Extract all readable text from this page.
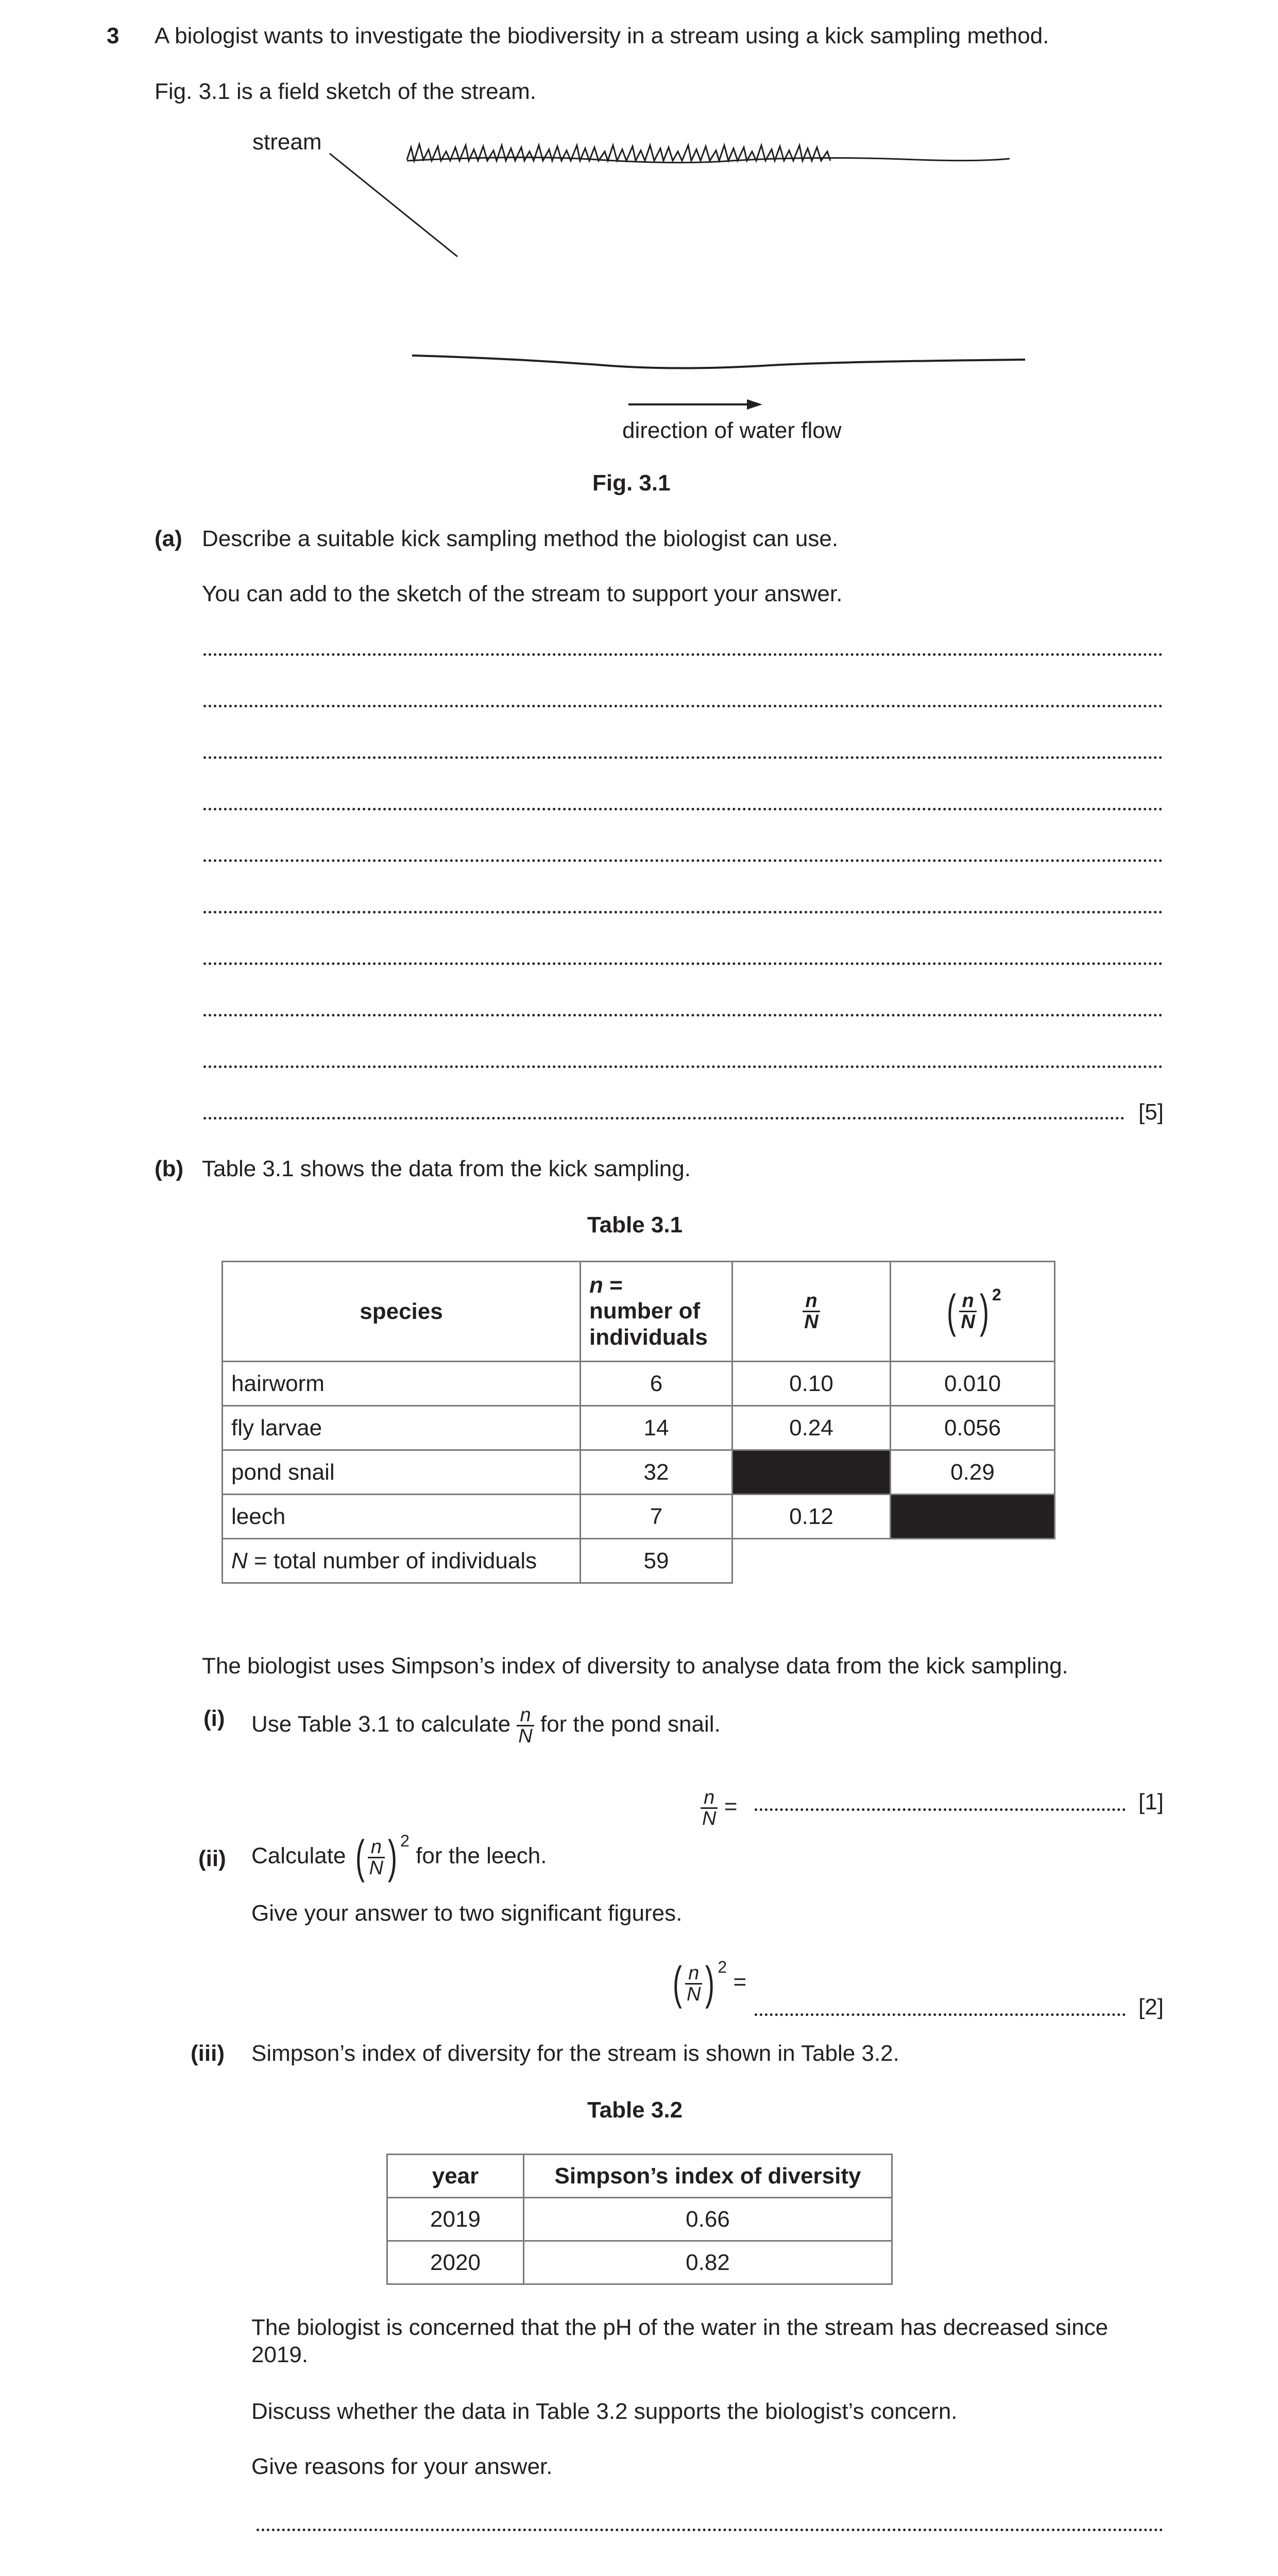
3 A biologist wants to investigate the biodiversity in a stream using a kick sampling method.
Fig. 3.1 is a field sketch of the stream.
stream
direction of water flow
Fig. 3.1
(a) Describe a suitable kick sampling method the biologist can use.
You can add to the sketch of the stream to support your answer.
[5]
(b) Table 3.1 shows the data from the kick sampling.
Table 3.1
species	n =
number of
individuals	$\frac{n}{N}$	( $\frac{n}{N}$ ) $^2$
hairworm	6	0.10	0.010
fly larvae	14	0.24	0.056
pond snail	32		0.29
leech	7	0.12	
N = total number of individuals	59		
The biologist uses Simpson’s index of diversity to analyse data from the kick sampling.
(i) Use Table 3.1 to calculate $\frac{n}{N}$ for the pond snail.
$\frac{n}{N}$ =	[1]
(ii) Calculate ( $\frac{n}{N}$ ) $^2$ for the leech.
Give your answer to two significant figures.
( $\frac{n}{N}$ ) $^2$ =
[2]
(iii) Simpson’s index of diversity for the stream is shown in Table 3.2.
Table 3.2
year	Simpson’s index of diversity
2019	0.66
2020	0.82
The biologist is concerned that the pH of the water in the stream has decreased since
2019.
Discuss whether the data in Table 3.2 supports the biologist’s concern.
Give reasons for your answer.
